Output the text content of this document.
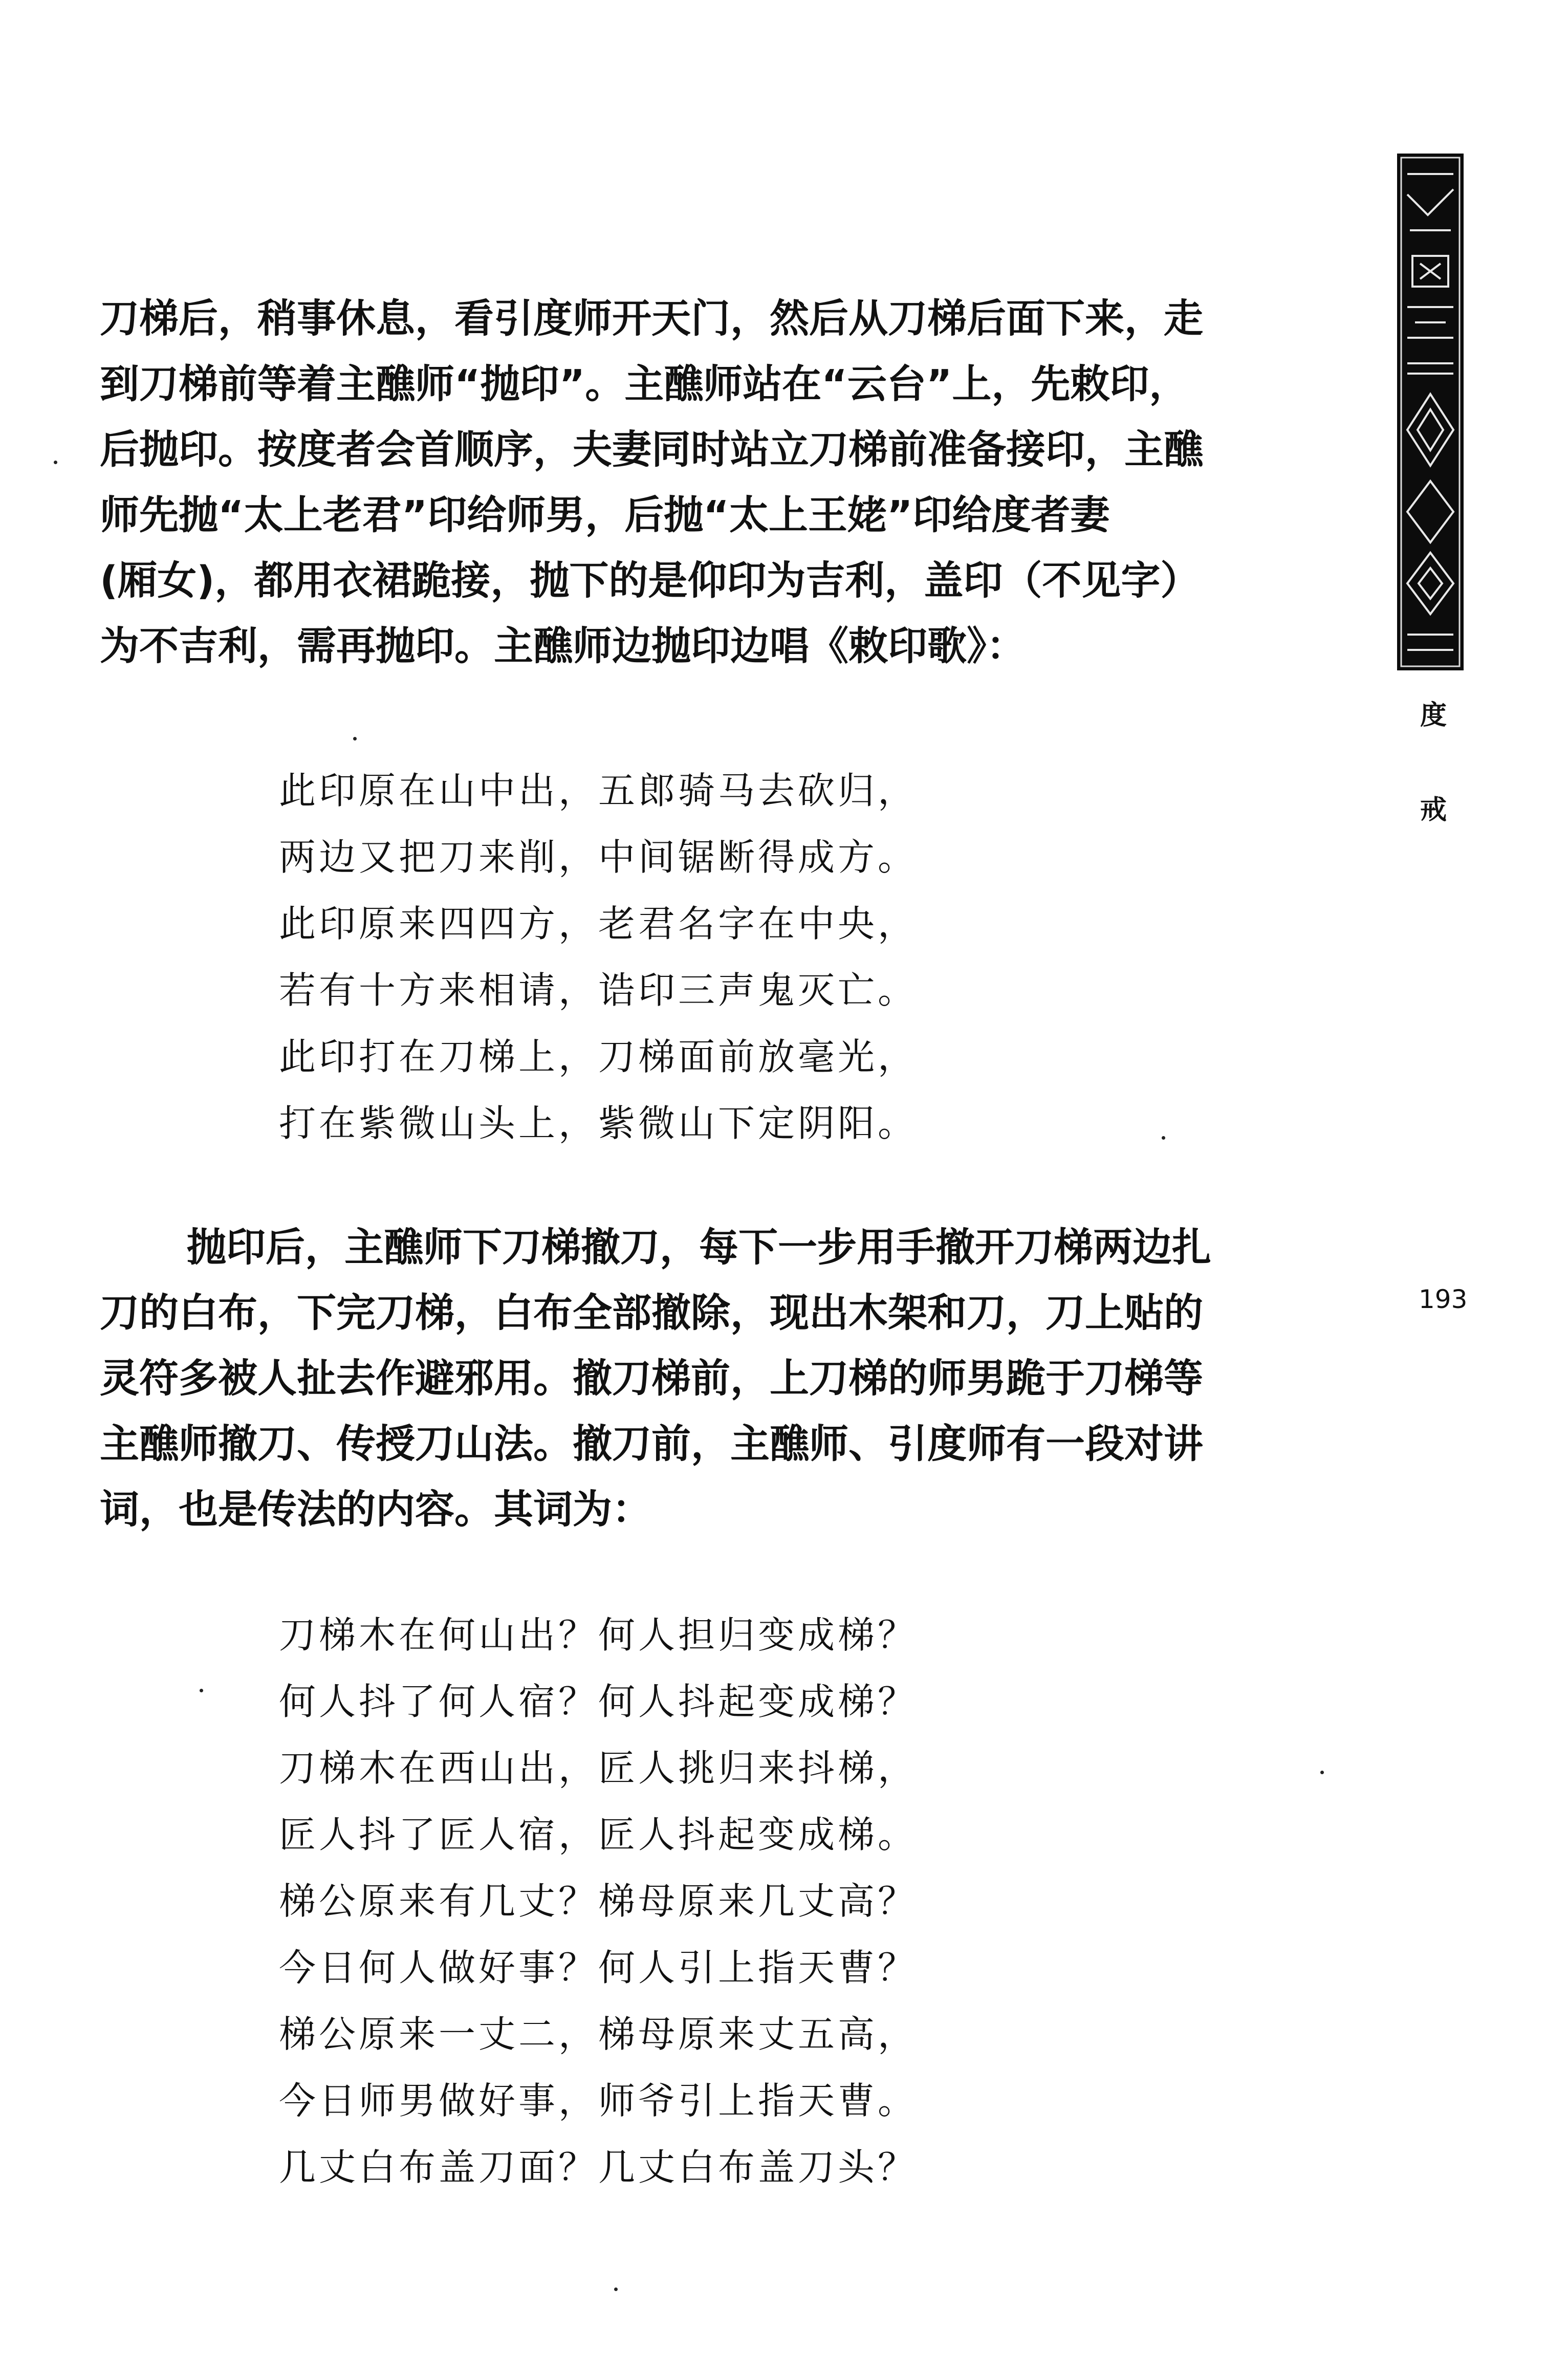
度
戒
193
刀梯后，稍事休息，看引度师开天门，然后从刀梯后面下来，走
到刀梯前等着主醮师“抛印”。主醮师站在“云台”上，先敕印，
后抛印。按度者会首顺序，夫妻同时站立刀梯前准备接印，主醮
师先抛“太上老君”印给师男，后抛“太上王姥”印给度者妻
(厢女)，都用衣裙跪接，抛下的是仰印为吉利，盖印（不见字）
为不吉利，需再抛印。主醮师边抛印边唱《敕印歌》：
此印原在山中出，五郎骑马去砍归，
两边又把刀来削，中间锯断得成方。
此印原来四四方，老君名字在中央，
若有十方来相请，诰印三声鬼灭亡。
此印打在刀梯上，刀梯面前放毫光，
打在紫微山头上，紫微山下定阴阳。
抛印后，主醮师下刀梯撤刀，每下一步用手撤开刀梯两边扎
刀的白布，下完刀梯，白布全部撤除，现出木架和刀，刀上贴的
灵符多被人扯去作避邪用。撤刀梯前，上刀梯的师男跪于刀梯等
主醮师撤刀、传授刀山法。撤刀前，主醮师、引度师有一段对讲
词，也是传法的内容。其词为：
刀梯木在何山出？何人担归变成梯？
何人抖了何人宿？何人抖起变成梯？
刀梯木在西山出，匠人挑归来抖梯，
匠人抖了匠人宿，匠人抖起变成梯。
梯公原来有几丈？梯母原来几丈高？
今日何人做好事？何人引上指天曹？
梯公原来一丈二，梯母原来丈五高，
今日师男做好事，师爷引上指天曹。
几丈白布盖刀面？几丈白布盖刀头？
